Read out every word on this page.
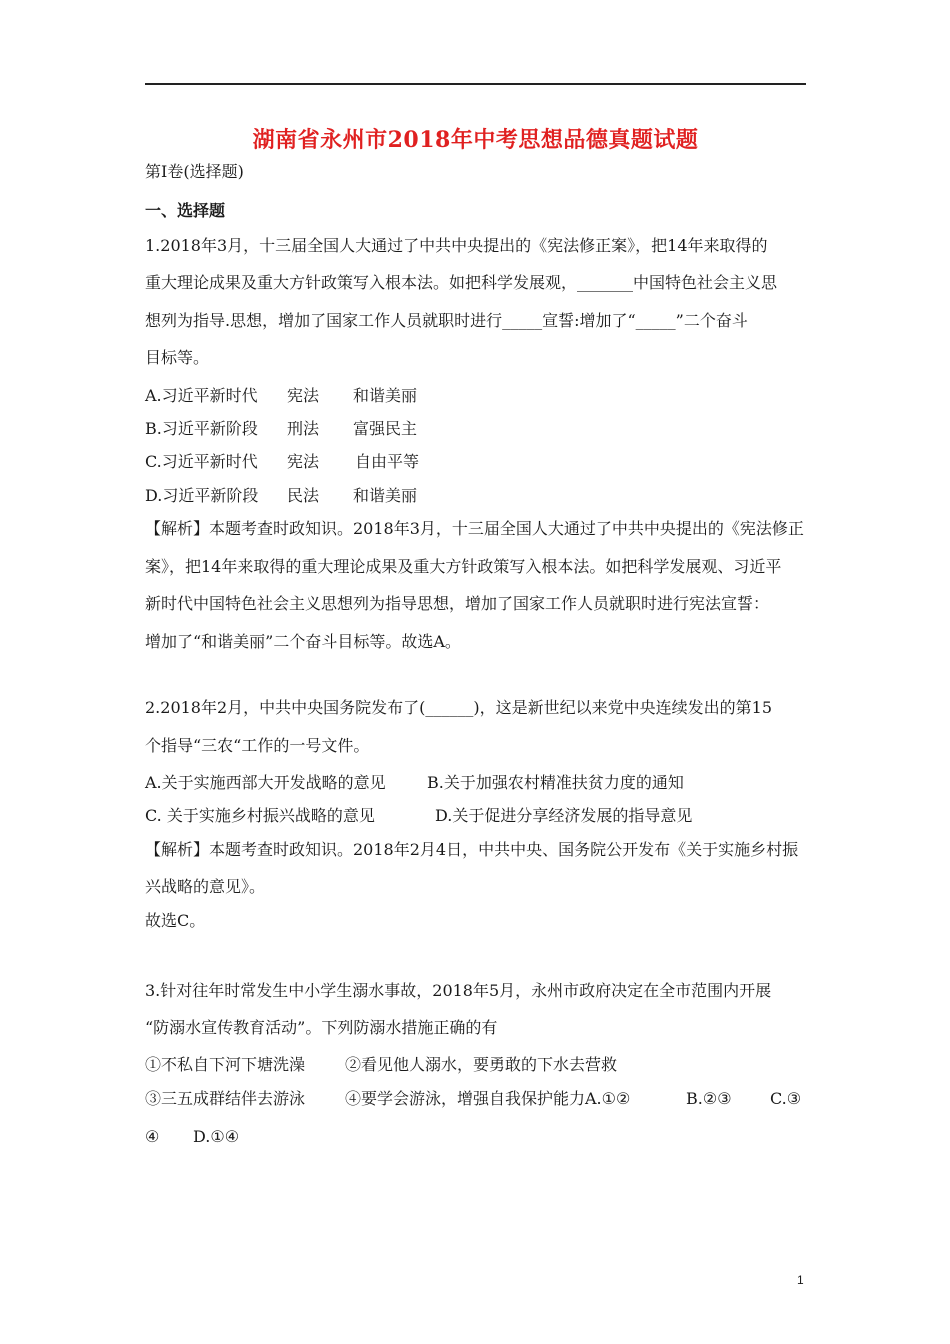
湖南省永州市2018年中考思想品德真题试题
第I卷(选择题)
一、选择题
1.2018年3月，十三届全国人大通过了中共中央提出的《宪法修正案》，把14年来取得的
重大理论成果及重大方针政策写入根本法。如把科学发展观，_______中国特色社会主义思
想列为指导.思想，增加了国家工作人员就职时进行_____宣誓:增加了“_____”二个奋斗
目标等。
A.习近平新时代 宪法 和谐美丽
B.习近平新阶段 刑法 富强民主
C.习近平新时代 宪法 自由平等
D.习近平新阶段 民法 和谐美丽
【解析】本题考查时政知识。2018年3月，十三届全国人大通过了中共中央提出的《宪法修正
案》，把14年来取得的重大理论成果及重大方针政策写入根本法。如把科学发展观、习近平
新时代中国特色社会主义思想列为指导思想，增加了国家工作人员就职时进行宪法宣誓：
增加了“和谐美丽”二个奋斗目标等。故选A。
2.2018年2月，中共中央国务院发布了(______)，这是新世纪以来党中央连续发出的第15
个指导“三农“工作的一号文件。
A.关于实施西部大开发战略的意见	B.关于加强农村精准扶贫力度的通知
C. 关于实施乡村振兴战略的意见	D.关于促进分享经济发展的指导意见
【解析】本题考查时政知识。2018年2月4日，中共中央、国务院公开发布《关于实施乡村振
兴战略的意见》。
故选C。
3.针对往年时常发生中小学生溺水事故，2018年5月，永州市政府决定在全市范围内开展
“防溺水宣传教育活动”。下列防溺水措施正确的有
①不私自下河下塘洗澡 ②看见他人溺水，要勇敢的下水去营救
③三五成群结伴去游泳 ④要学会游泳，增强自我保护能力A.①②	B.②③ C.③
④ D.①④
1
